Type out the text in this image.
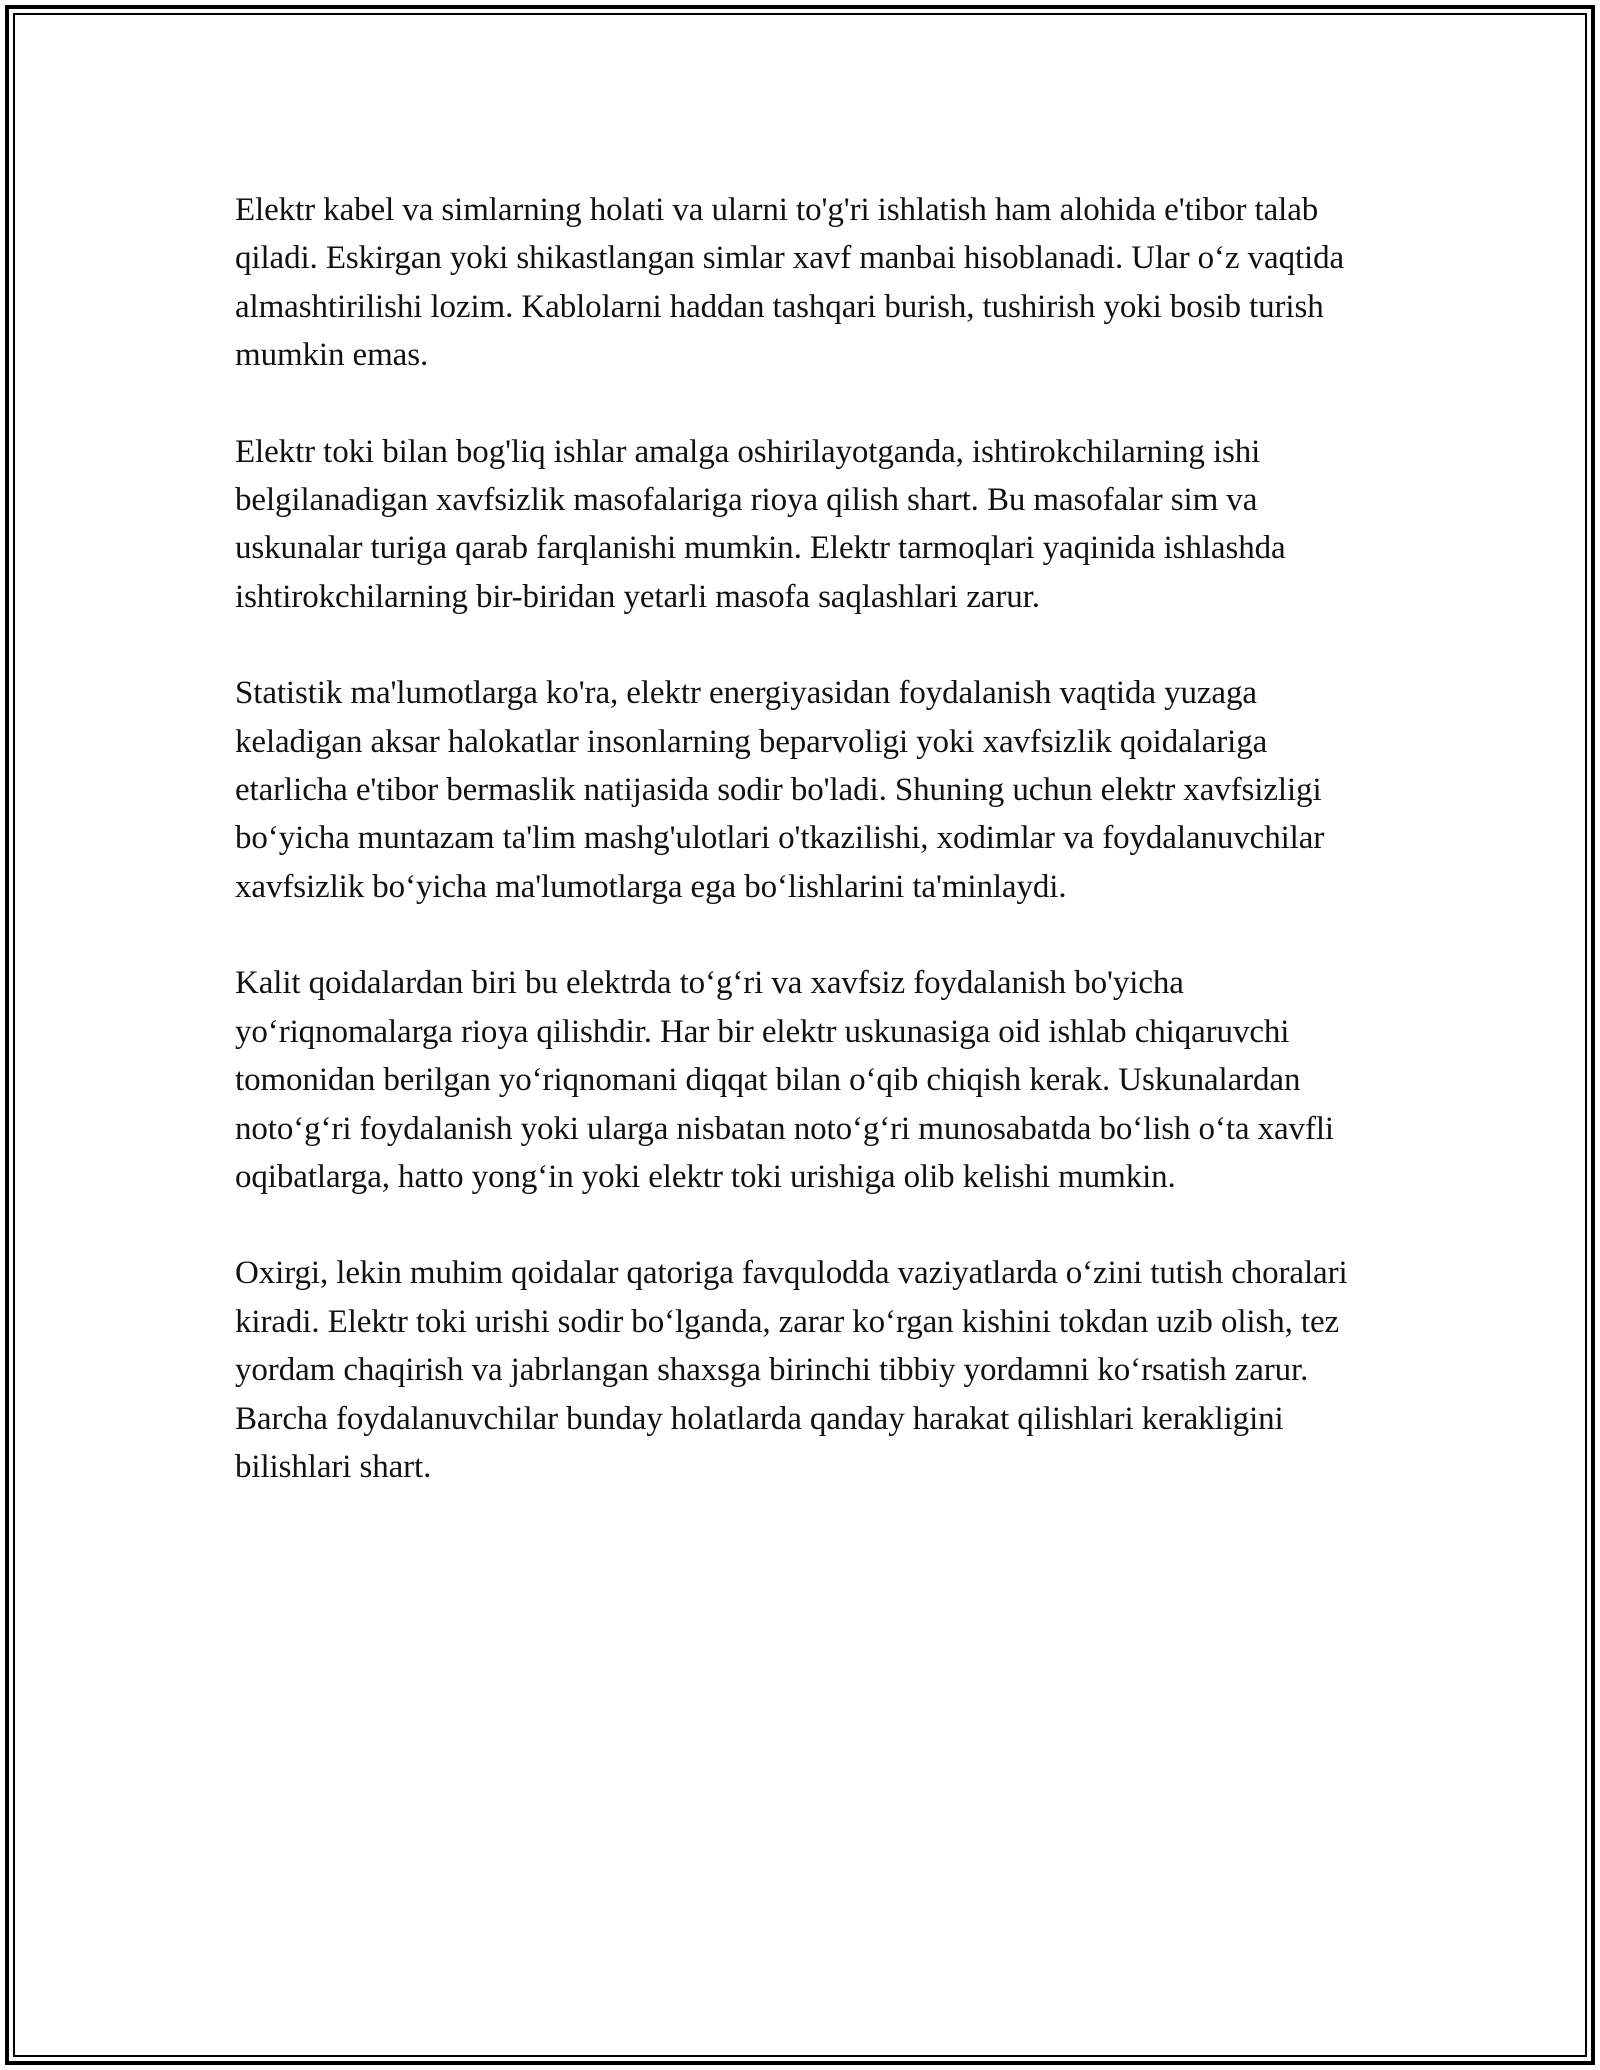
Elektr kabel va simlarning holati va ularni to'g'ri ishlatish ham alohida e'tibor talab qiladi. Eskirgan yoki shikastlangan simlar xavf manbai hisoblanadi. Ular o‘z vaqtida almashtirilishi lozim. Kablolarni haddan tashqari burish, tushirish yoki bosib turish mumkin emas.

Elektr toki bilan bog'liq ishlar amalga oshirilayotganda, ishtirokchilarning ishi belgilanadigan xavfsizlik masofalariga rioya qilish shart. Bu masofalar sim va uskunalar turiga qarab farqlanishi mumkin. Elektr tarmoqlari yaqinida ishlashda ishtirokchilarning bir-biridan yetarli masofa saqlashlari zarur.

Statistik ma'lumotlarga ko'ra, elektr energiyasidan foydalanish vaqtida yuzaga keladigan aksar halokatlar insonlarning beparvoligi yoki xavfsizlik qoidalariga etarlicha e'tibor bermaslik natijasida sodir bo'ladi. Shuning uchun elektr xavfsizligi bo‘yicha muntazam ta'lim mashg'ulotlari o'tkazilishi, xodimlar va foydalanuvchilar xavfsizlik bo‘yicha ma'lumotlarga ega bo‘lishlarini ta'minlaydi.

Kalit qoidalardan biri bu elektrda to‘g‘ri va xavfsiz foydalanish bo'yicha yo‘riqnomalarga rioya qilishdir. Har bir elektr uskunasiga oid ishlab chiqaruvchi tomonidan berilgan yo‘riqnomani diqqat bilan o‘qib chiqish kerak. Uskunalardan noto‘g‘ri foydalanish yoki ularga nisbatan noto‘g‘ri munosabatda bo‘lish o‘ta xavfli oqibatlarga, hatto yong‘in yoki elektr toki urishiga olib kelishi mumkin.

Oxirgi, lekin muhim qoidalar qatoriga favqulodda vaziyatlarda o‘zini tutish choralari kiradi. Elektr toki urishi sodir bo‘lganda, zarar ko‘rgan kishini tokdan uzib olish, tez yordam chaqirish va jabrlangan shaxsga birinchi tibbiy yordamni ko‘rsatish zarur. Barcha foydalanuvchilar bunday holatlarda qanday harakat qilishlari kerakligini bilishlari shart.
